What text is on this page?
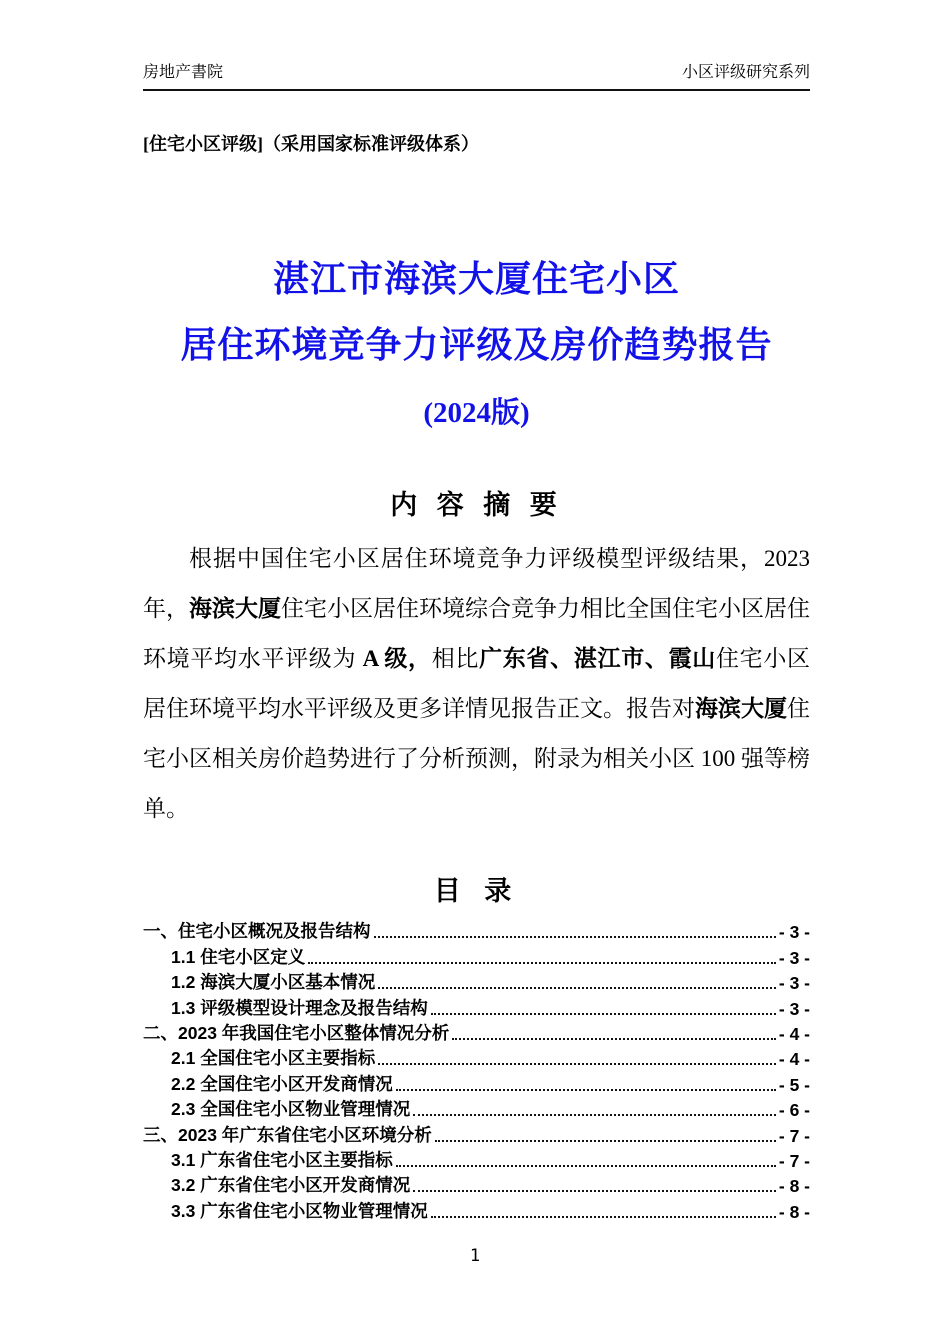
房地产書院	小区评级研究系列
[住宅小区评级]（采用国家标准评级体系）
湛江市海滨大厦住宅小区
居住环境竞争力评级及房价趋势报告
(2024版)
内 容 摘 要
根据中国住宅小区居住环境竞争力评级模型评级结果，2023 年，海滨大厦住宅小区居住环境综合竞争力相比全国住宅小区居住环境平均水平评级为 A 级，相比广东省、湛江市、霞山住宅小区居住环境平均水平评级及更多详情见报告正文。报告对海滨大厦住宅小区相关房价趋势进行了分析预测，附录为相关小区 100 强等榜单。
目 录
一、住宅小区概况及报告结构	- 3 -
1.1 住宅小区定义	- 3 -
1.2 海滨大厦小区基本情况	- 3 -
1.3 评级模型设计理念及报告结构	- 3 -
二、2023 年我国住宅小区整体情况分析	- 4 -
2.1 全国住宅小区主要指标	- 4 -
2.2 全国住宅小区开发商情况	- 5 -
2.3 全国住宅小区物业管理情况	- 6 -
三、2023 年广东省住宅小区环境分析	- 7 -
3.1 广东省住宅小区主要指标	- 7 -
3.2 广东省住宅小区开发商情况	- 8 -
3.3 广东省住宅小区物业管理情况	- 8 -
1
